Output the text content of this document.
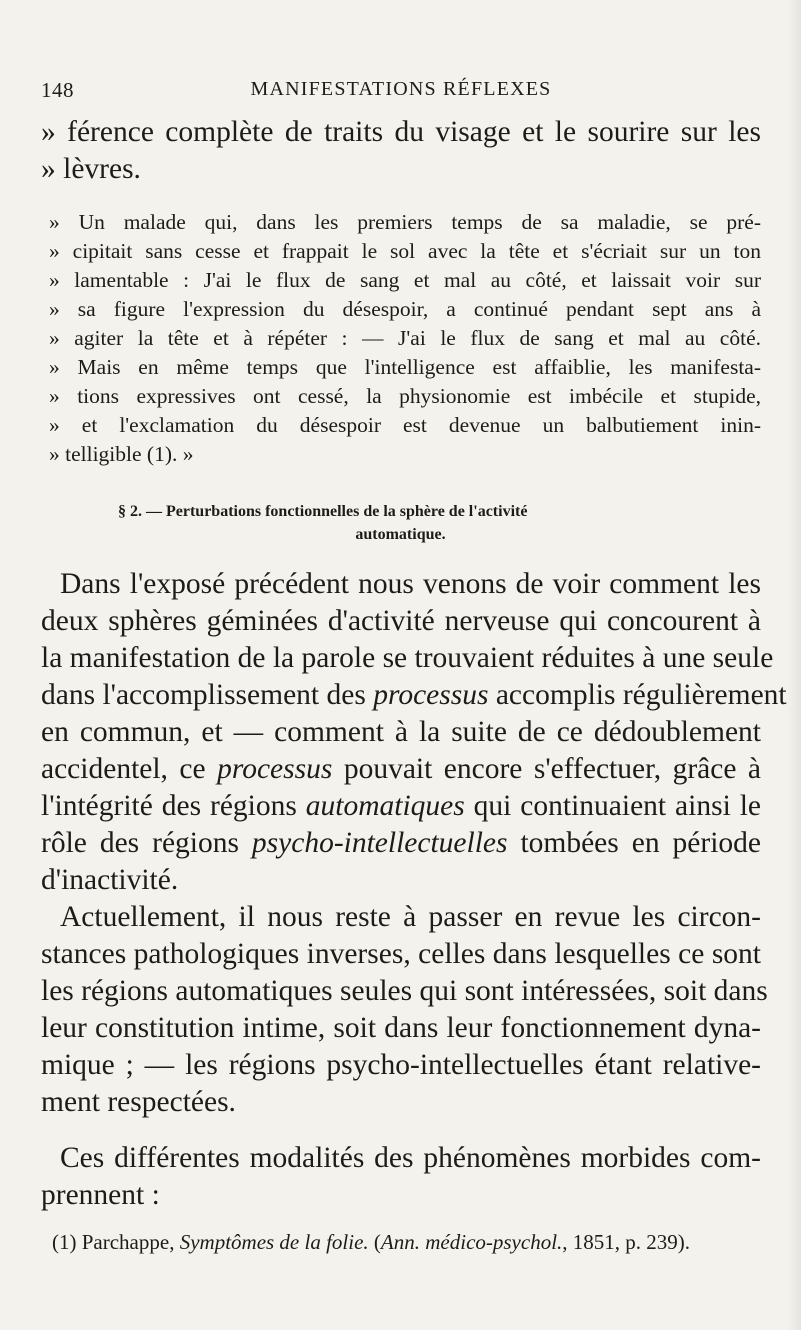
148	MANIFESTATIONS RÉFLEXES
» férence complète de traits du visage et le sourire sur les
» lèvres.
» Un malade qui, dans les premiers temps de sa maladie, se pré-
» cipitait sans cesse et frappait le sol avec la tête et s'écriait sur un ton
» lamentable : J'ai le flux de sang et mal au côté, et laissait voir sur
» sa figure l'expression du désespoir, a continué pendant sept ans à
» agiter la tête et à répéter : — J'ai le flux de sang et mal au côté.
» Mais en même temps que l'intelligence est affaiblie, les manifesta-
» tions expressives ont cessé, la physionomie est imbécile et stupide,
» et l'exclamation du désespoir est devenue un balbutiement inin-
» telligible (1). »
§ 2. — Perturbations fonctionnelles de la sphère de l'activité
automatique.
Dans l'exposé précédent nous venons de voir comment les
deux sphères géminées d'activité nerveuse qui concourent à
la manifestation de la parole se trouvaient réduites à une seule
dans l'accomplissement des processus accomplis régulièrement
en commun, et — comment à la suite de ce dédoublement
accidentel, ce processus pouvait encore s'effectuer, grâce à
l'intégrité des régions automatiques qui continuaient ainsi le
rôle des régions psycho-intellectuelles tombées en période
d'inactivité.
Actuellement, il nous reste à passer en revue les circon-
stances pathologiques inverses, celles dans lesquelles ce sont
les régions automatiques seules qui sont intéressées, soit dans
leur constitution intime, soit dans leur fonctionnement dyna-
mique ; — les régions psycho-intellectuelles étant relative-
ment respectées.
Ces différentes modalités des phénomènes morbides com-
prennent :
(1) Parchappe, Symptômes de la folie. (Ann. médico-psychol., 1851, p. 239).
